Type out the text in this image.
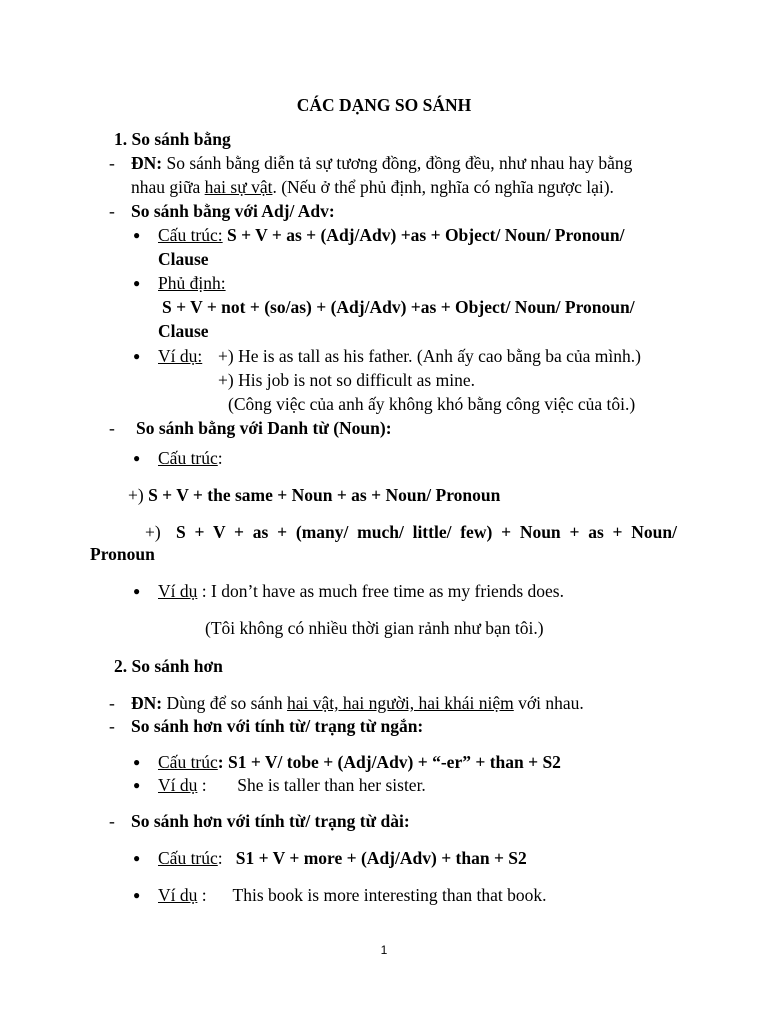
CÁC DẠNG SO SÁNH
1. So sánh bằng
- ĐN: So sánh bằng diễn tả sự tương đồng, đồng đều, như nhau hay bằng
nhau giữa hai sự vật. (Nếu ở thể phủ định, nghĩa có nghĩa ngược lại).
- So sánh bằng với Adj/ Adv:
● Cấu trúc: S + V + as + (Adj/Adv) +as + Object/ Noun/ Pronoun/
Clause
● Phủ định:
S + V + not + (so/as) + (Adj/Adv) +as + Object/ Noun/ Pronoun/
Clause
● Ví dụ: +) He is as tall as his father. (Anh ấy cao bằng ba của mình.)
+) His job is not so difficult as mine.
(Công việc của anh ấy không khó bằng công việc của tôi.)
- So sánh bằng với Danh từ (Noun):
● Cấu trúc:
+) S + V + the same + Noun + as + Noun/ Pronoun
+) S + V + as + (many/ much/ little/ few) + Noun + as + Noun/
Pronoun
● Ví dụ : I don’t have as much free time as my friends does.
(Tôi không có nhiều thời gian rảnh như bạn tôi.)
2. So sánh hơn
- ĐN: Dùng để so sánh hai vật, hai người, hai khái niệm với nhau.
- So sánh hơn với tính từ/ trạng từ ngắn:
● Cấu trúc: S1 + V/ tobe + (Adj/Adv) + “-er” + than + S2
● Ví dụ :       She is taller than her sister.
- So sánh hơn với tính từ/ trạng từ dài:
● Cấu trúc:   S1 + V + more + (Adj/Adv) + than + S2
● Ví dụ :      This book is more interesting than that book.
1
